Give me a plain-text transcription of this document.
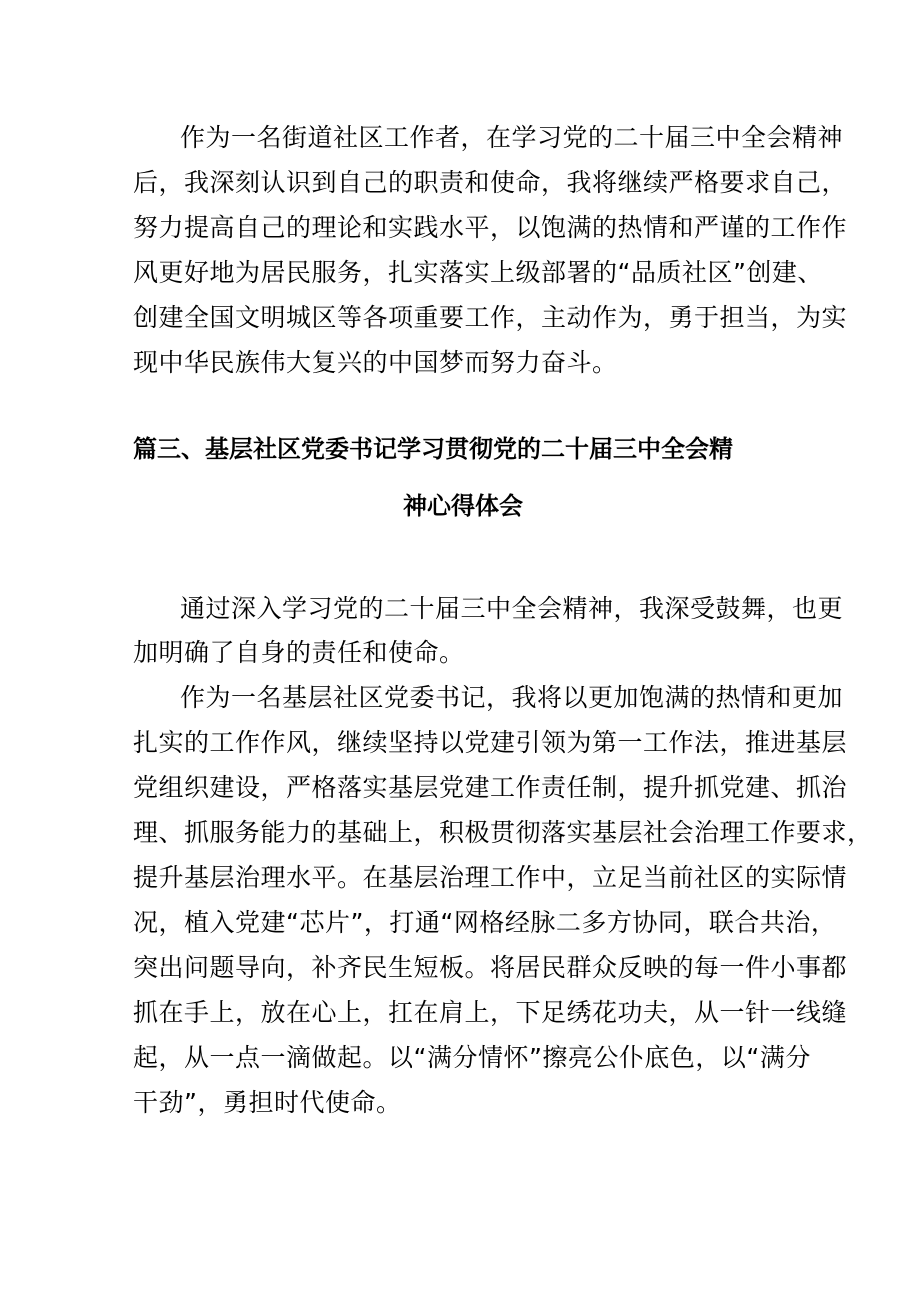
作为一名街道社区工作者，在学习党的二十届三中全会精神
后，我深刻认识到自己的职责和使命，我将继续严格要求自己，
努力提高自己的理论和实践水平，以饱满的热情和严谨的工作作
风更好地为居民服务，扎实落实上级部署的“品质社区”创建、
创建全国文明城区等各项重要工作，主动作为，勇于担当，为实
现中华民族伟大复兴的中国梦而努力奋斗。
篇三、基层社区党委书记学习贯彻党的二十届三中全会精
神心得体会
通过深入学习党的二十届三中全会精神，我深受鼓舞，也更
加明确了自身的责任和使命。
作为一名基层社区党委书记，我将以更加饱满的热情和更加
扎实的工作作风，继续坚持以党建引领为第一工作法，推进基层
党组织建设，严格落实基层党建工作责任制，提升抓党建、抓治
理、抓服务能力的基础上，积极贯彻落实基层社会治理工作要求，
提升基层治理水平。在基层治理工作中，立足当前社区的实际情
况，植入党建“芯片”，打通“网格经脉二多方协同，联合共治，
突出问题导向，补齐民生短板。将居民群众反映的每一件小事都
抓在手上，放在心上，扛在肩上，下足绣花功夫，从一针一线缝
起，从一点一滴做起。以“满分情怀”擦亮公仆底色，以“满分
干劲”，勇担时代使命。
